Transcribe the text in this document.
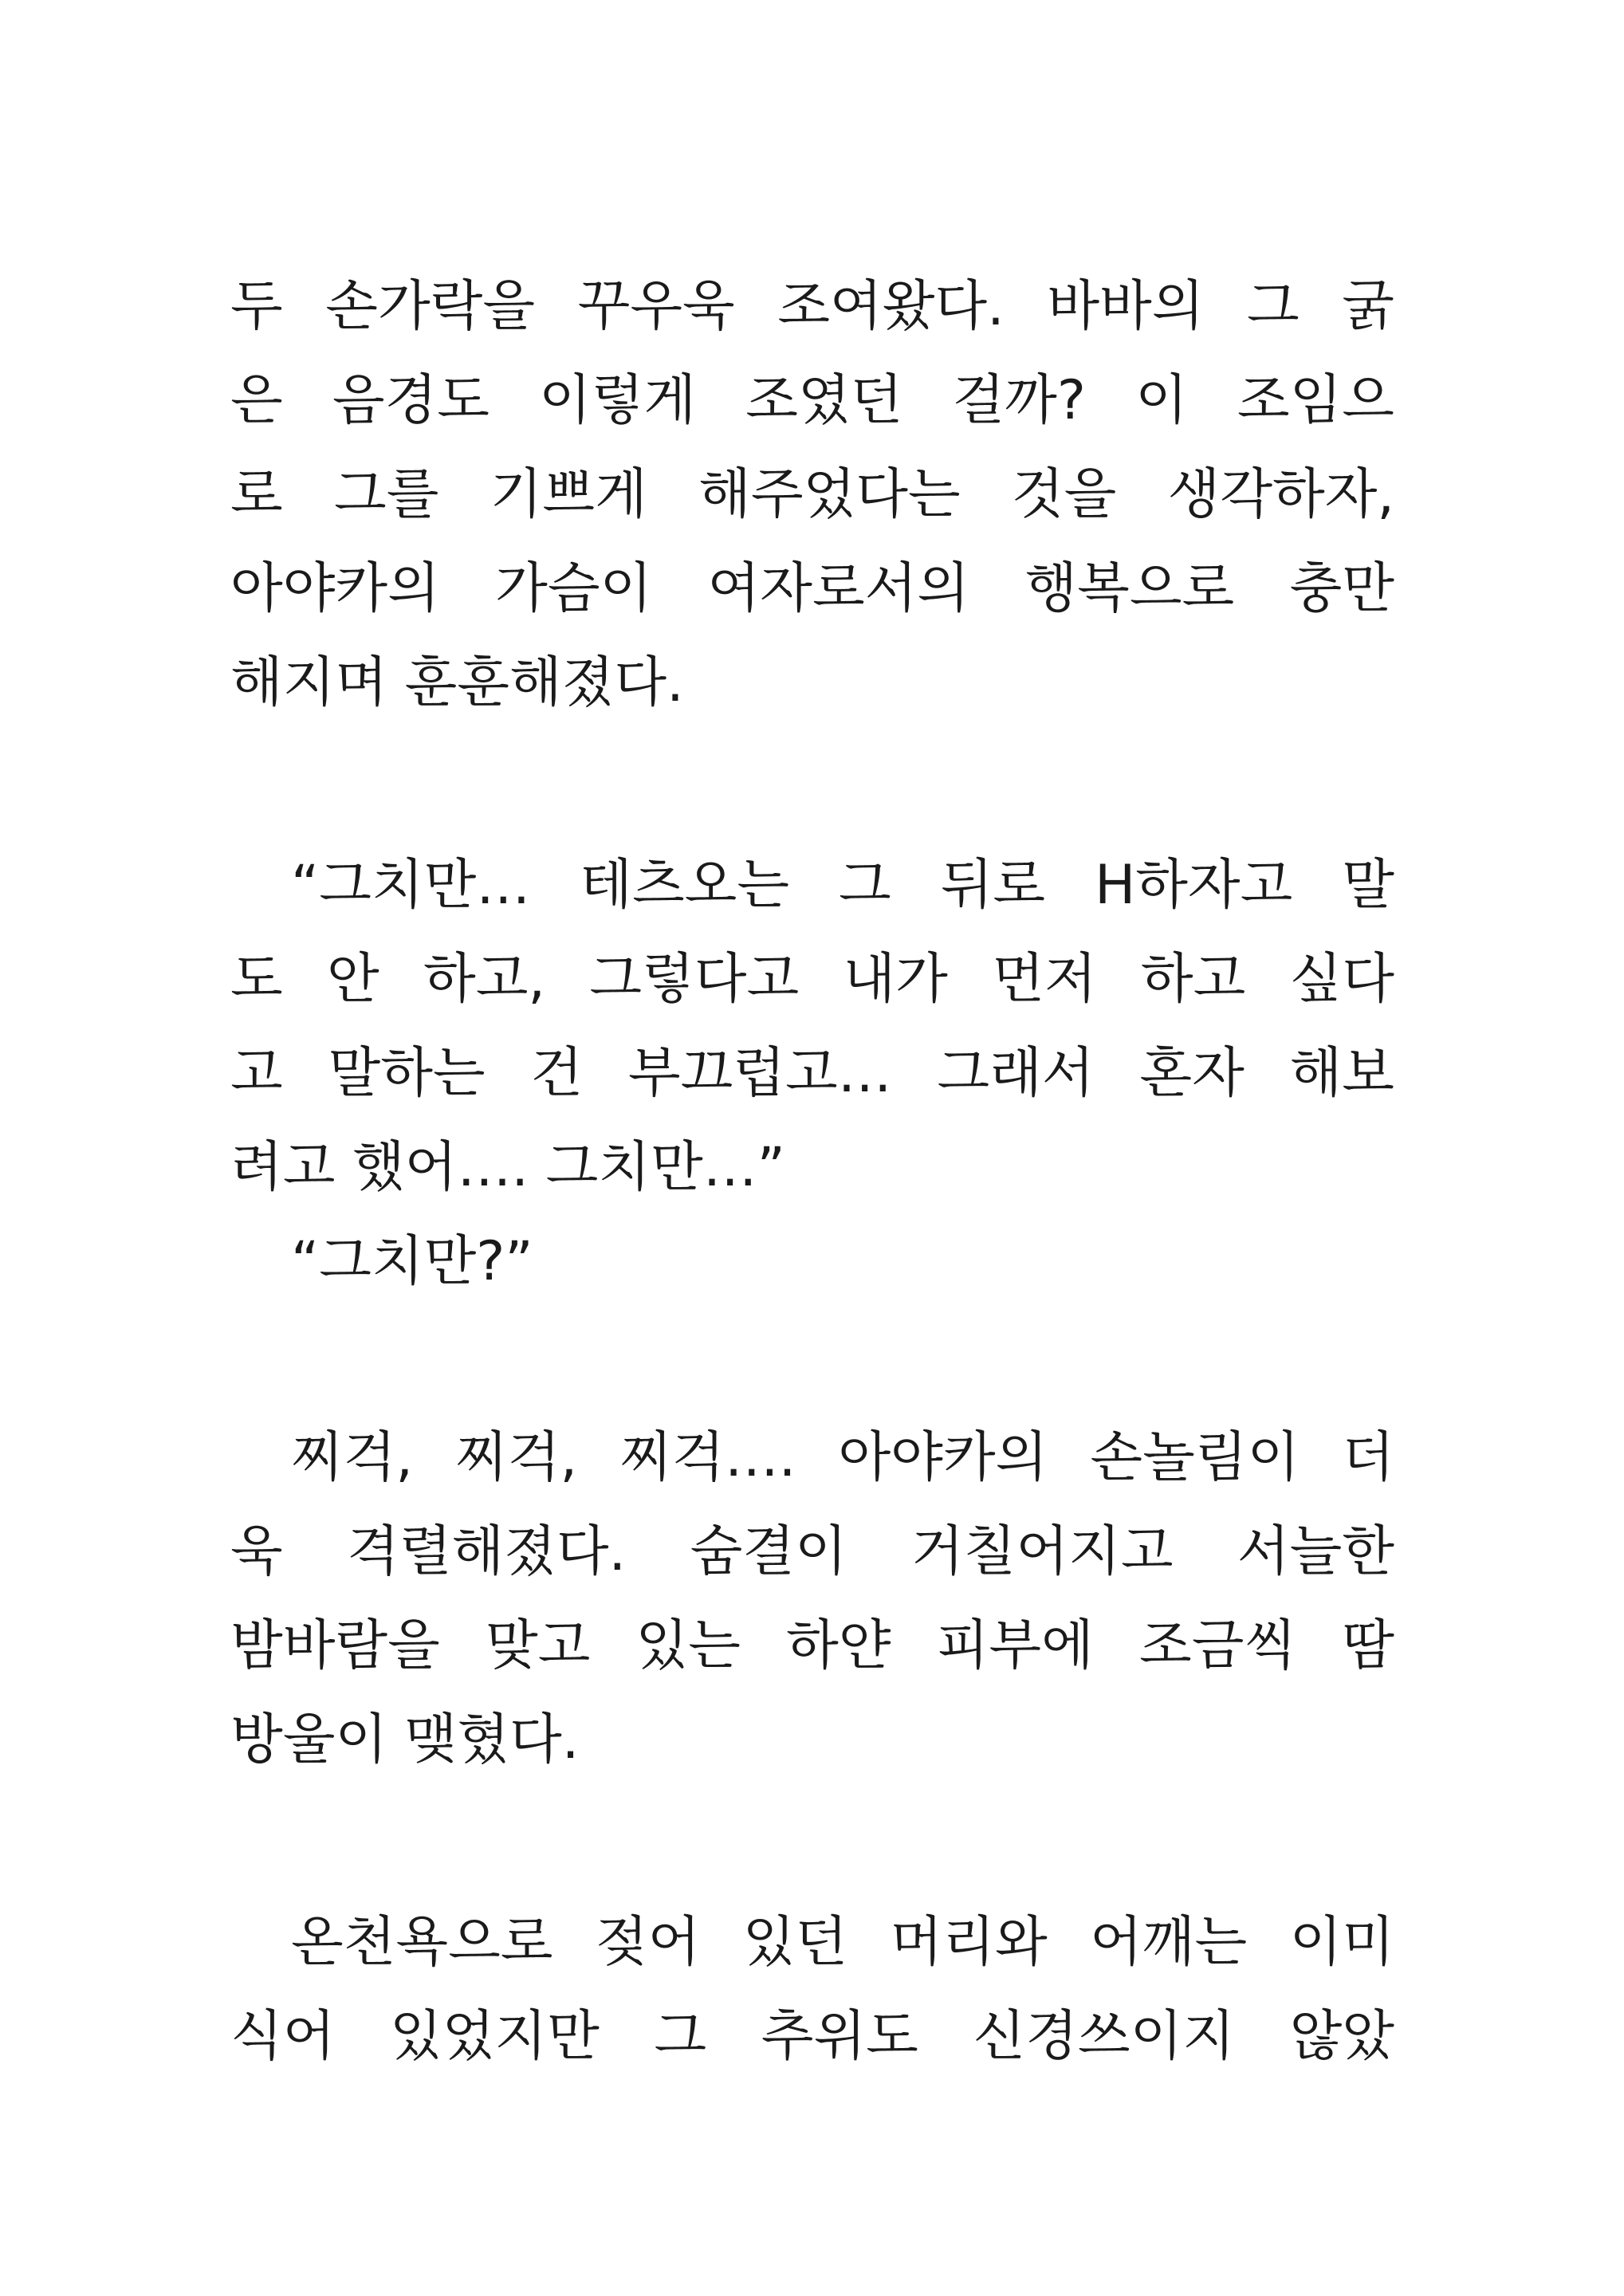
두 손가락을 꾸우욱 조여왔다. 바바의 그 굵

은 음경도 이렇게 조였던 걸까? 이 조임으

로 그를 기쁘게 해주었다는 것을 생각하자,

아야카의 가슴이 여자로서의 행복으로 충만

해지며 훈훈해졌다.

“그치만… 테츠오는 그 뒤로 H하자고 말

도 안 하고, 그렇다고 내가 먼저 하고 싶다

고 말하는 건 부끄럽고… 그래서 혼자 해보

려고 했어…. 그치만…”

“그치만?”

찌걱, 찌걱, 찌걱…. 아야카의 손놀림이 더

욱 격렬해졌다. 숨결이 거칠어지고 서늘한

밤바람을 맞고 있는 하얀 피부에 조금씩 땀

방울이 맺혔다.

온천욕으로 젖어 있던 머리와 어깨는 이미

식어 있었지만 그 추위도 신경쓰이지 않았
